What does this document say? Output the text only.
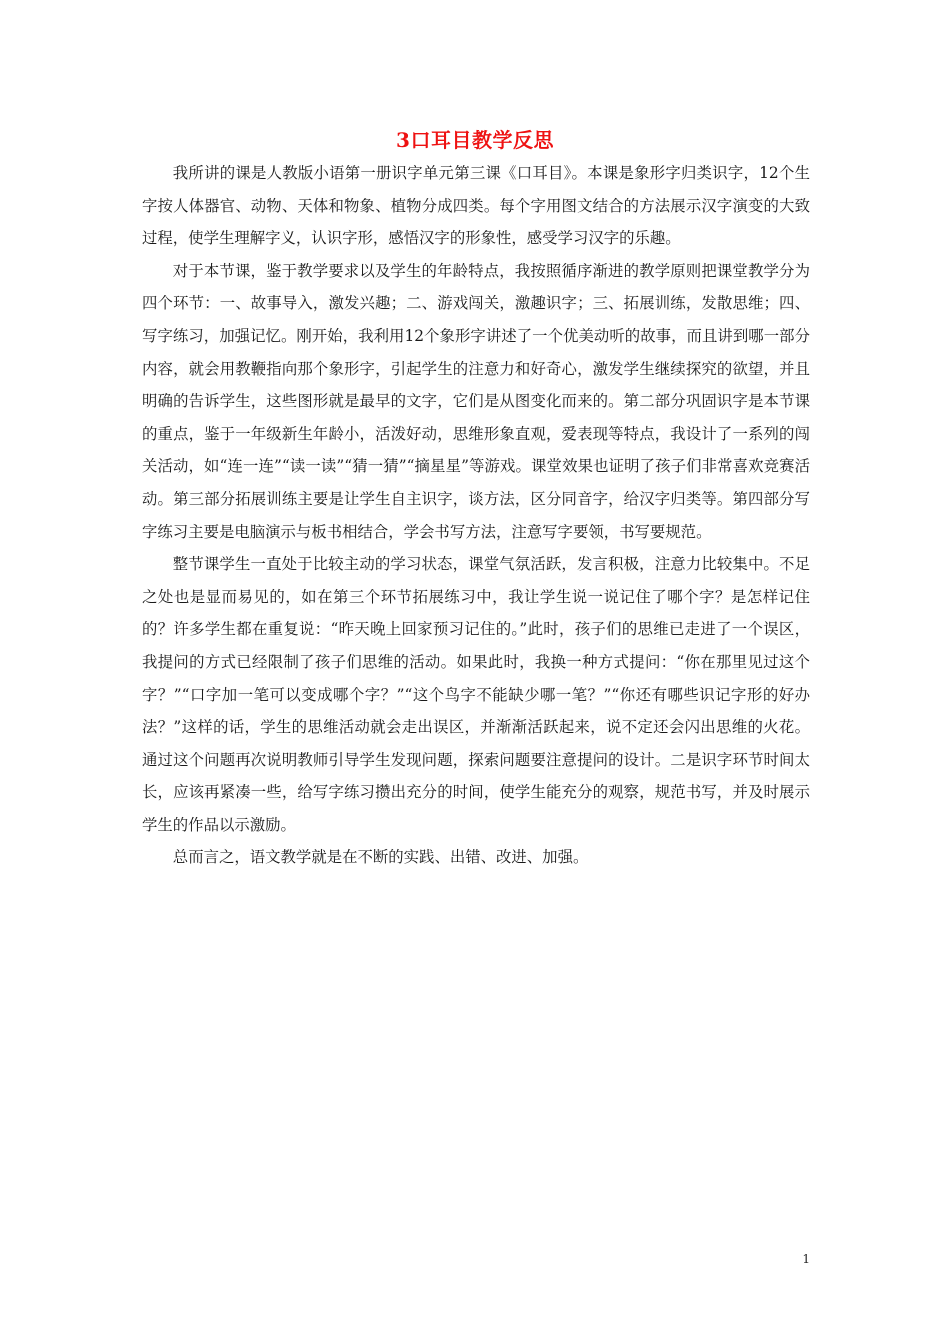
3口耳目教学反思

我所讲的课是人教版小语第一册识字单元第三课《口耳目》。本课是象形字归类识字，12个生字按人体器官、动物、天体和物象、植物分成四类。每个字用图文结合的方法展示汉字演变的大致过程，使学生理解字义，认识字形，感悟汉字的形象性，感受学习汉字的乐趣。

对于本节课，鉴于教学要求以及学生的年龄特点，我按照循序渐进的教学原则把课堂教学分为四个环节：一、故事导入，激发兴趣；二、游戏闯关，激趣识字；三、拓展训练，发散思维；四、写字练习，加强记忆。刚开始，我利用12个象形字讲述了一个优美动听的故事，而且讲到哪一部分内容，就会用教鞭指向那个象形字，引起学生的注意力和好奇心，激发学生继续探究的欲望，并且明确的告诉学生，这些图形就是最早的文字，它们是从图变化而来的。第二部分巩固识字是本节课的重点，鉴于一年级新生年龄小，活泼好动，思维形象直观，爱表现等特点，我设计了一系列的闯关活动，如“连一连”“读一读”“猜一猜”“摘星星”等游戏。课堂效果也证明了孩子们非常喜欢竞赛活动。第三部分拓展训练主要是让学生自主识字，谈方法，区分同音字，给汉字归类等。第四部分写字练习主要是电脑演示与板书相结合，学会书写方法，注意写字要领，书写要规范。

整节课学生一直处于比较主动的学习状态，课堂气氛活跃，发言积极，注意力比较集中。不足之处也是显而易见的，如在第三个环节拓展练习中，我让学生说一说记住了哪个字？是怎样记住的？许多学生都在重复说：“昨天晚上回家预习记住的。”此时，孩子们的思维已走进了一个误区，我提问的方式已经限制了孩子们思维的活动。如果此时，我换一种方式提问：“你在那里见过这个字？”“口字加一笔可以变成哪个字？”“这个鸟字不能缺少哪一笔？”“你还有哪些识记字形的好办法？”这样的话，学生的思维活动就会走出误区，并渐渐活跃起来，说不定还会闪出思维的火花。通过这个问题再次说明教师引导学生发现问题，探索问题要注意提问的设计。二是识字环节时间太长，应该再紧凑一些，给写字练习攒出充分的时间，使学生能充分的观察，规范书写，并及时展示学生的作品以示激励。

总而言之，语文教学就是在不断的实践、出错、改进、加强。

1
